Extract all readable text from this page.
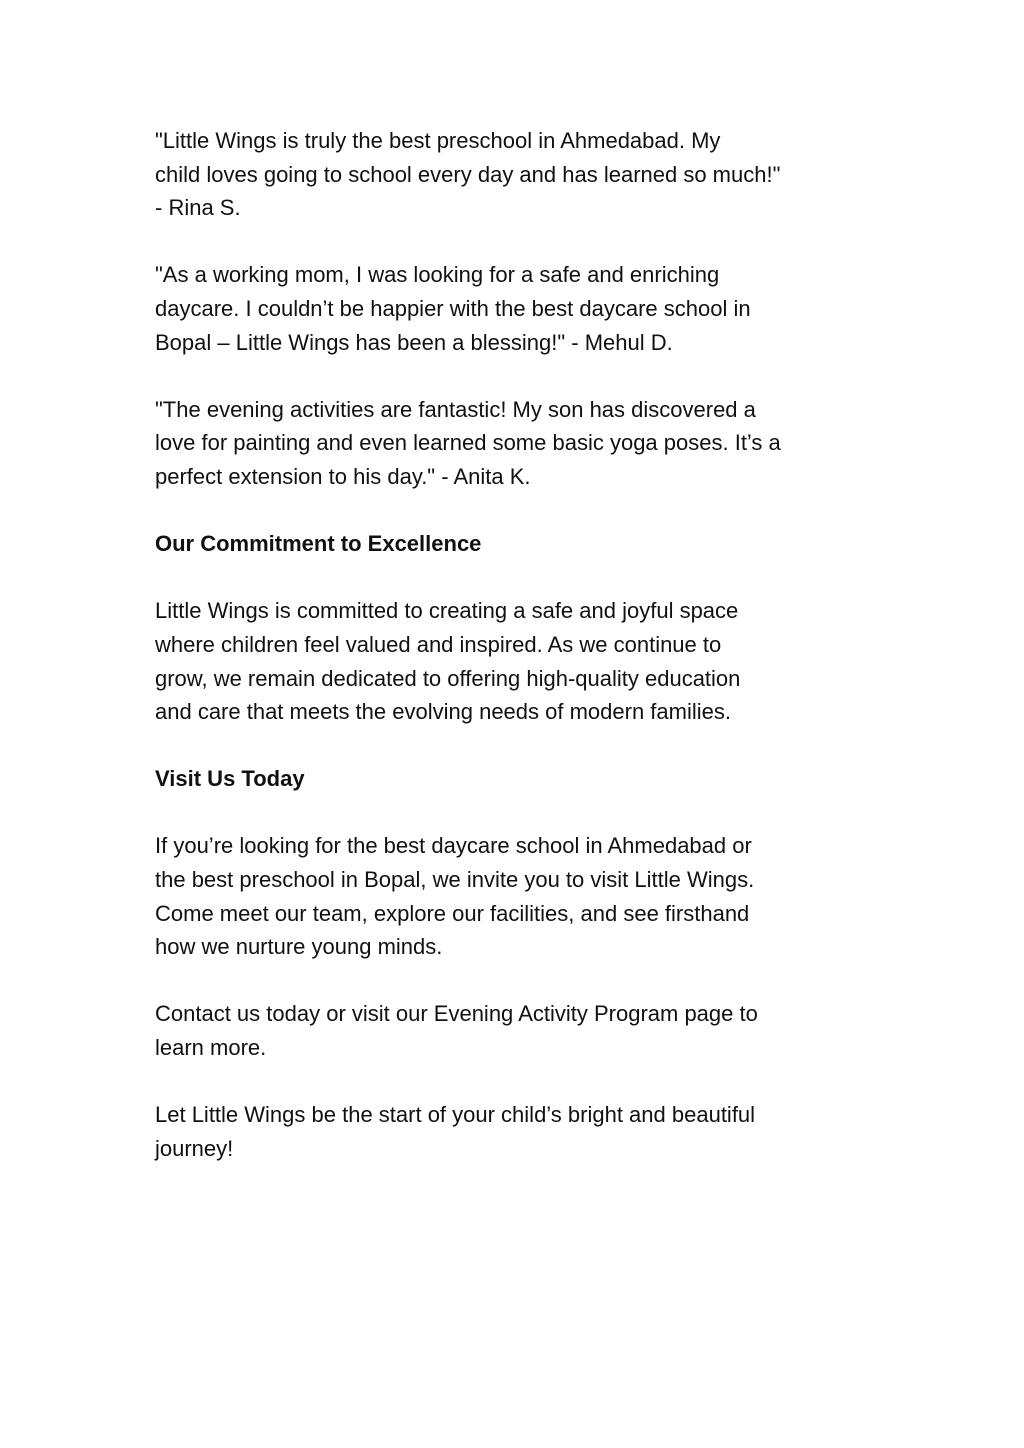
"Little Wings is truly the best preschool in Ahmedabad. My
child loves going to school every day and has learned so much!"
- Rina S.

"As a working mom, I was looking for a safe and enriching
daycare. I couldn’t be happier with the best daycare school in
Bopal – Little Wings has been a blessing!" - Mehul D.

"The evening activities are fantastic! My son has discovered a
love for painting and even learned some basic yoga poses. It’s a
perfect extension to his day." - Anita K.

Our Commitment to Excellence

Little Wings is committed to creating a safe and joyful space
where children feel valued and inspired. As we continue to
grow, we remain dedicated to offering high-quality education
and care that meets the evolving needs of modern families.

Visit Us Today

If you’re looking for the best daycare school in Ahmedabad or
the best preschool in Bopal, we invite you to visit Little Wings.
Come meet our team, explore our facilities, and see firsthand
how we nurture young minds.

Contact us today or visit our Evening Activity Program page to
learn more.

Let Little Wings be the start of your child’s bright and beautiful
journey!
